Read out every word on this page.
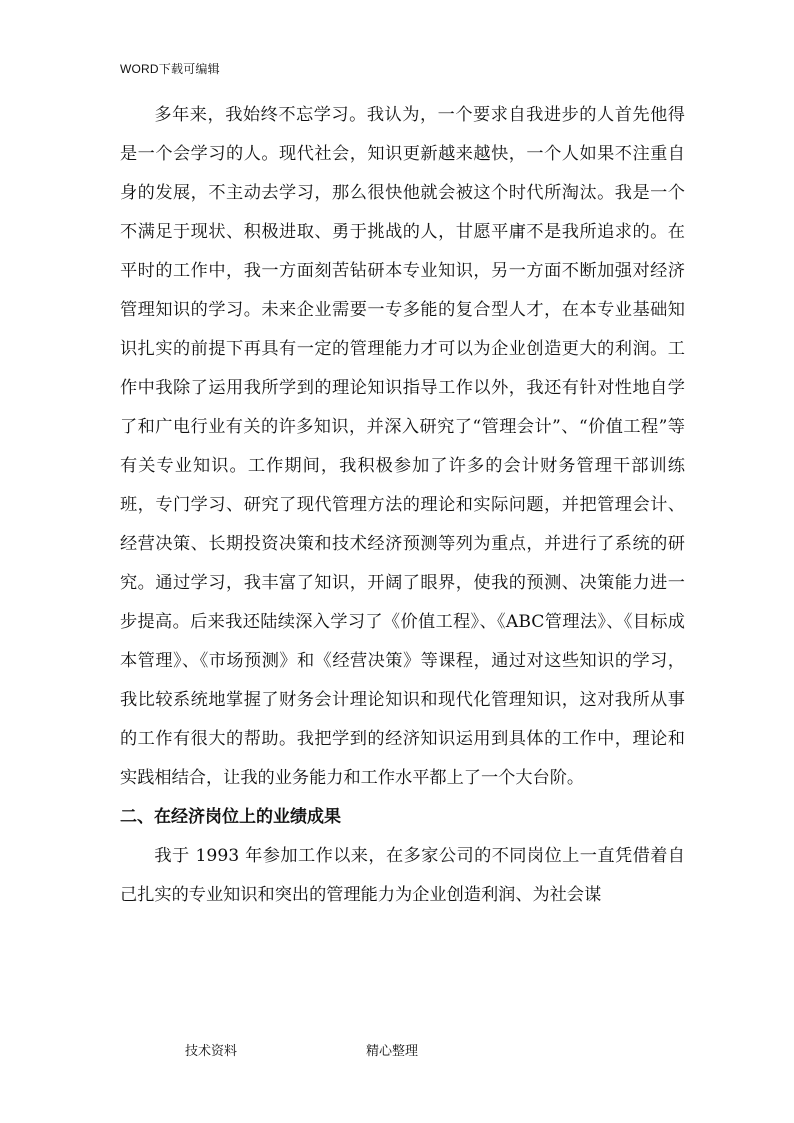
WORD下载可编辑

多年来，我始终不忘学习。我认为，一个要求自我进步的人首先他得是一个会学习的人。现代社会，知识更新越来越快，一个人如果不注重自身的发展，不主动去学习，那么很快他就会被这个时代所淘汰。我是一个不满足于现状、积极进取、勇于挑战的人，甘愿平庸不是我所追求的。在平时的工作中，我一方面刻苦钻研本专业知识，另一方面不断加强对经济管理知识的学习。未来企业需要一专多能的复合型人才，在本专业基础知识扎实的前提下再具有一定的管理能力才可以为企业创造更大的利润。工作中我除了运用我所学到的理论知识指导工作以外，我还有针对性地自学了和广电行业有关的许多知识，并深入研究了“管理会计”、“价值工程”等有关专业知识。工作期间，我积极参加了许多的会计财务管理干部训练班，专门学习、研究了现代管理方法的理论和实际问题，并把管理会计、经营决策、长期投资决策和技术经济预测等列为重点，并进行了系统的研究。通过学习，我丰富了知识，开阔了眼界，使我的预测、决策能力进一步提高。后来我还陆续深入学习了《价值工程》、《ABC管理法》、《目标成本管理》、《市场预测》和《经营决策》等课程，通过对这些知识的学习，我比较系统地掌握了财务会计理论知识和现代化管理知识，这对我所从事的工作有很大的帮助。我把学到的经济知识运用到具体的工作中，理论和实践相结合，让我的业务能力和工作水平都上了一个大台阶。

二、在经济岗位上的业绩成果

我于 1993 年参加工作以来，在多家公司的不同岗位上一直凭借着自己扎实的专业知识和突出的管理能力为企业创造利润、为社会谋

技术资料	精心整理
